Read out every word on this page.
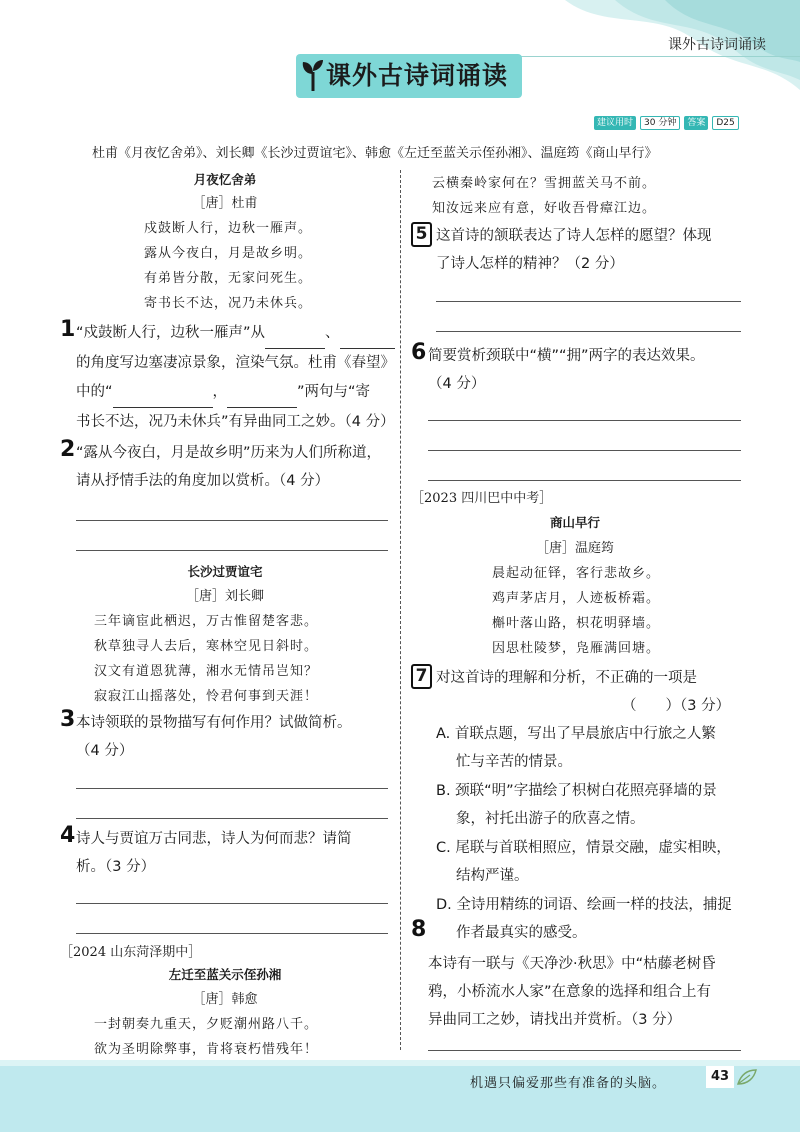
课外古诗词诵读
课外古诗词诵读
建议用时	30 分钟	答案	D25
杜甫《月夜忆舍弟》、刘长卿《长沙过贾谊宅》、韩愈《左迁至蓝关示侄孙湘》、温庭筠《商山早行》
月夜忆舍弟
［唐］杜甫
戍鼓断人行，边秋一雁声。
露从今夜白，月是故乡明。
有弟皆分散，无家问死生。
寄书长不达，况乃未休兵。
1 “戍鼓断人行，边秋一雁声”从	、
的角度写边塞凄凉景象，渲染气氛。杜甫《春望》
中的“	，	”两句与“寄
书长不达，况乃未休兵”有异曲同工之妙。（4 分）
2 “露从今夜白，月是故乡明”历来为人们所称道，
请从抒情手法的角度加以赏析。（4 分）
长沙过贾谊宅
［唐］刘长卿
三年谪宦此栖迟，万古惟留楚客悲。
秋草独寻人去后，寒林空见日斜时。
汉文有道恩犹薄，湘水无情吊岂知？
寂寂江山摇落处，怜君何事到天涯！
3 本诗领联的景物描写有何作用？试做简析。
（4 分）
4 诗人与贾谊万古同悲，诗人为何而悲？请简
析。（3 分）
［2024 山东菏泽期中］
左迁至蓝关示侄孙湘
［唐］韩愈
一封朝奏九重天，夕贬潮州路八千。
欲为圣明除弊事，肯将衰朽惜残年！
云横秦岭家何在？雪拥蓝关马不前。
知汝远来应有意，好收吾骨瘴江边。
5 这首诗的颔联表达了诗人怎样的愿望？体现
了诗人怎样的精神？（2 分）
6 简要赏析颈联中“横”“拥”两字的表达效果。
（4 分）
［2023 四川巴中中考］
商山早行
［唐］温庭筠
晨起动征铎，客行悲故乡。
鸡声茅店月，人迹板桥霜。
槲叶落山路，枳花明驿墙。
因思杜陵梦，凫雁满回塘。
7 对这首诗的理解和分析，不正确的一项是
（　　）（3 分）
A. 首联点题，写出了早晨旅店中行旅之人繁
忙与辛苦的情景。
B. 颈联“明”字描绘了枳树白花照亮驿墙的景
象，衬托出游子的欣喜之情。
C. 尾联与首联相照应，情景交融，虚实相映，
结构严谨。
D. 全诗用精练的词语、绘画一样的技法，捕捉
作者最真实的感受。
8
本诗有一联与《天净沙·秋思》中“枯藤老树昏
鸦，小桥流水人家”在意象的选择和组合上有
异曲同工之妙，请找出并赏析。（3 分）
机遇只偏爱那些有准备的头脑。	43
